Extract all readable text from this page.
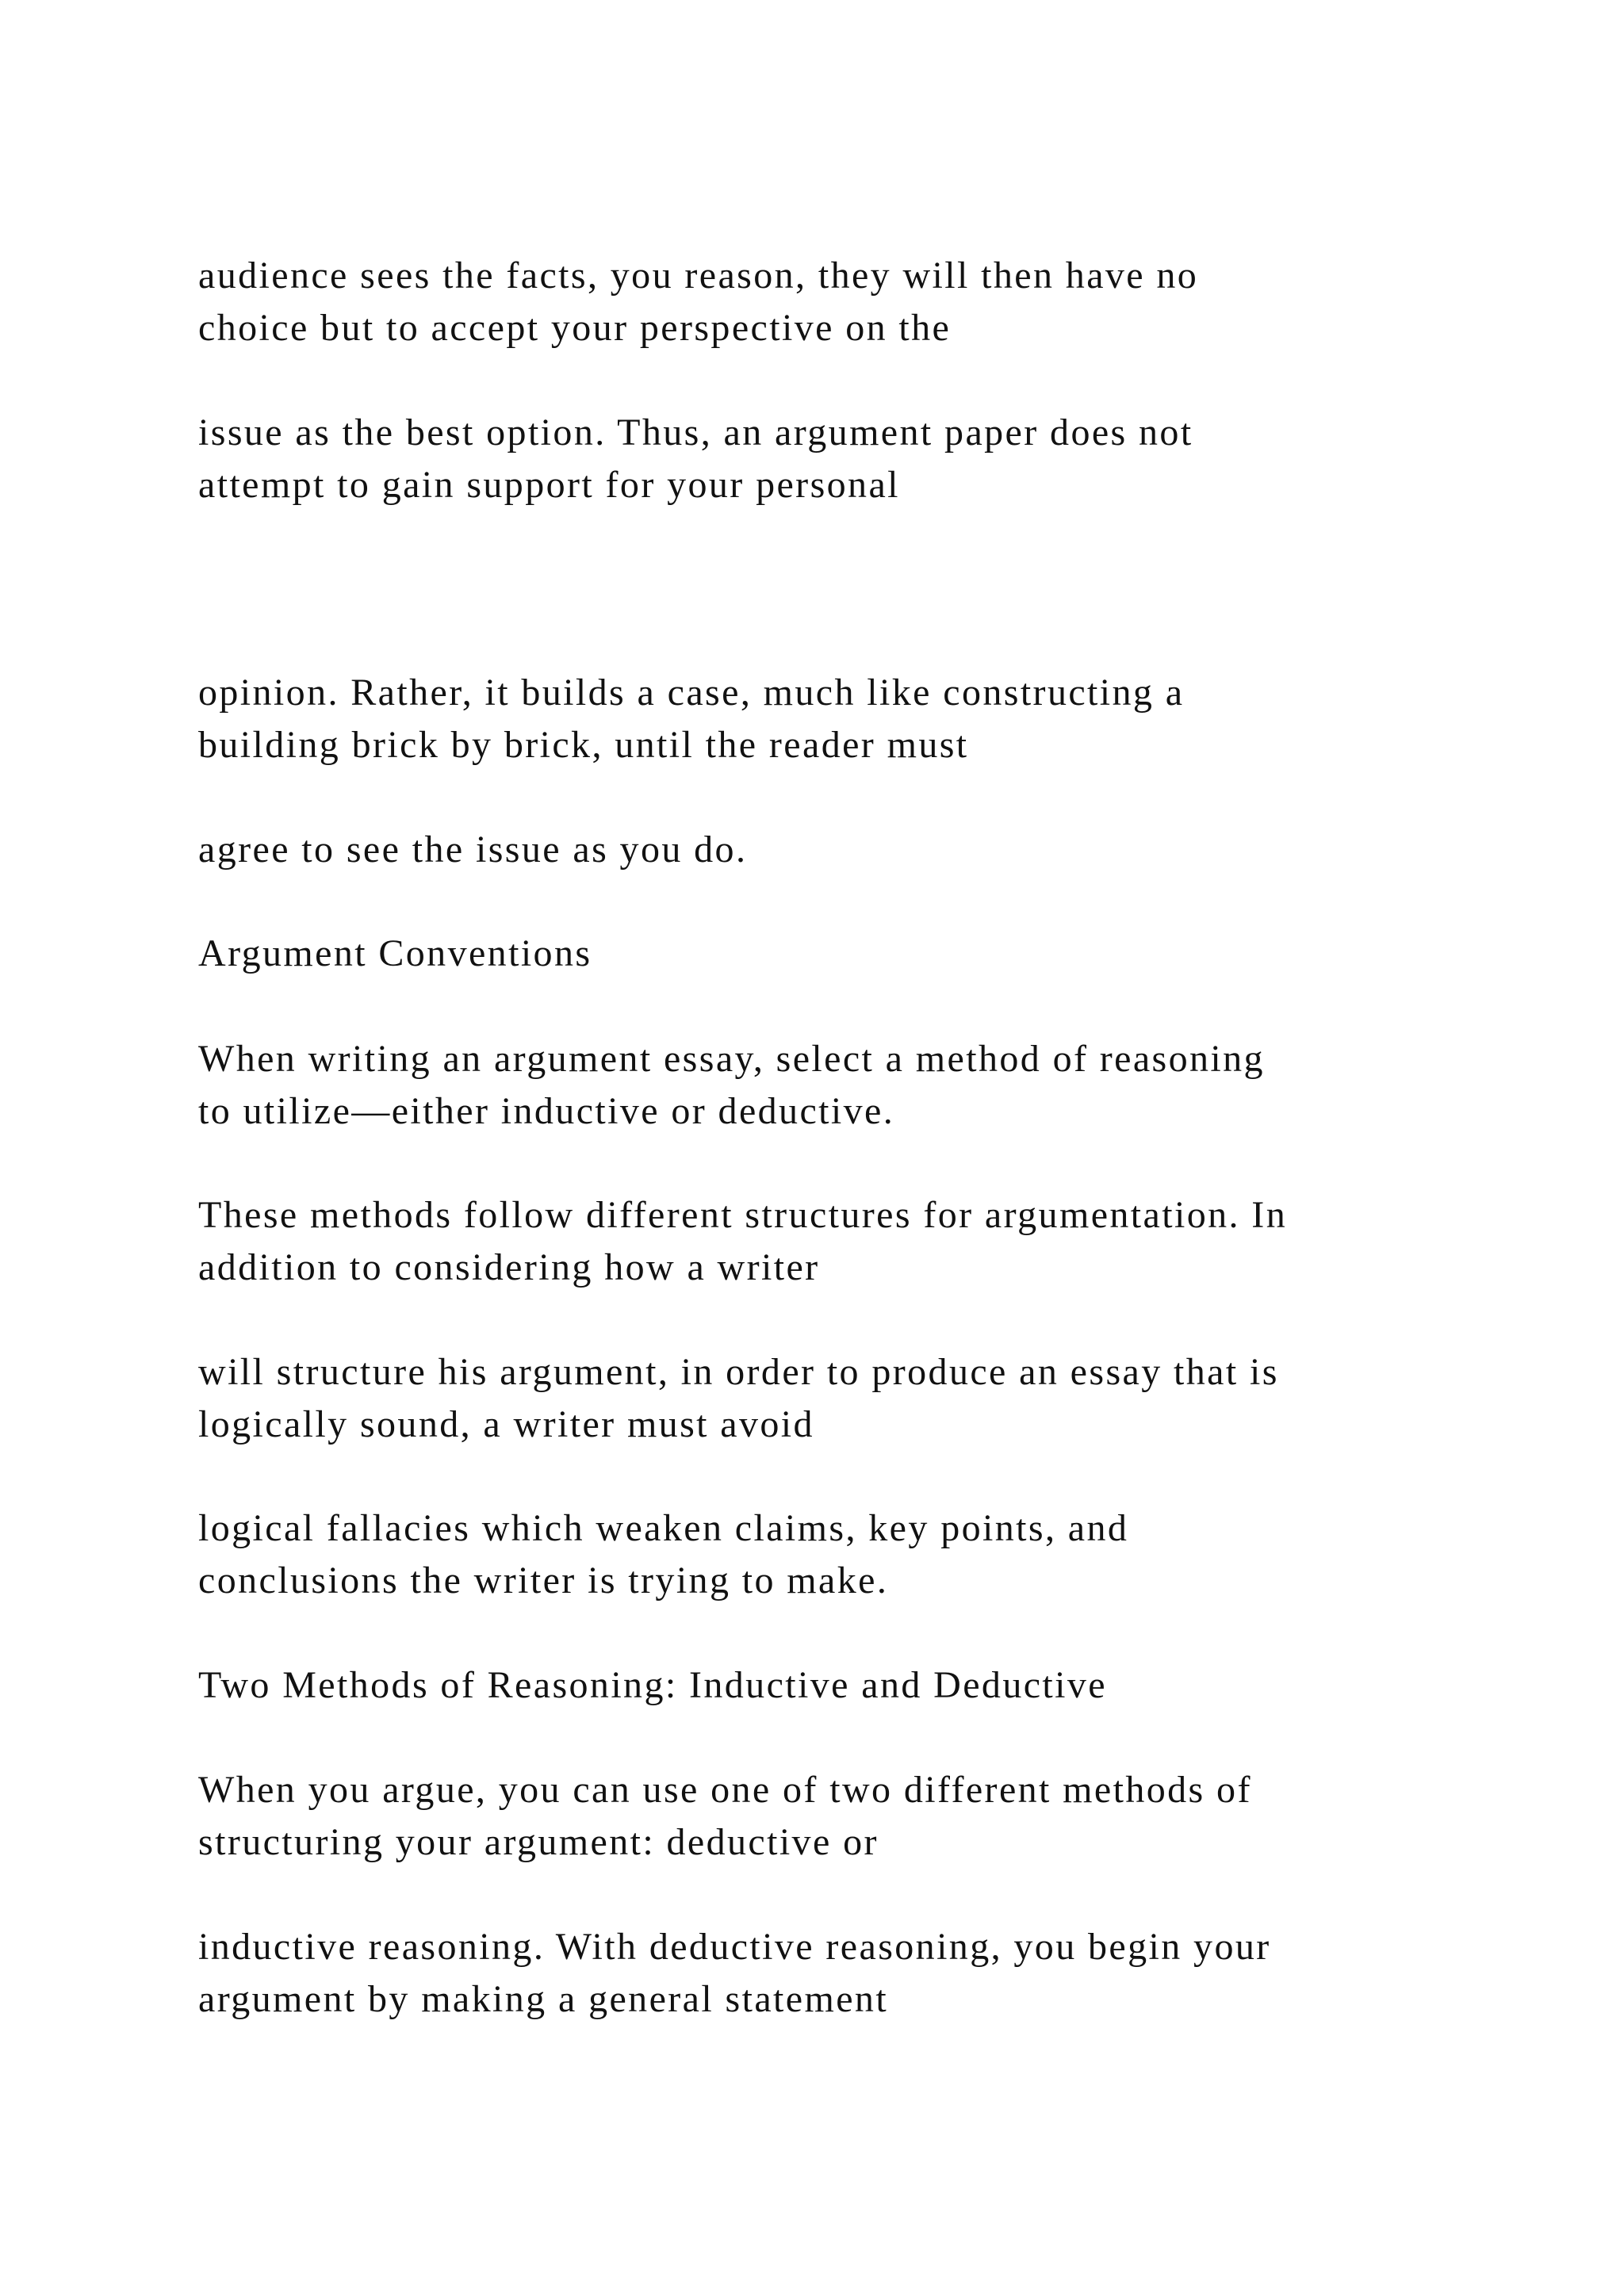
audience sees the facts, you reason, they will then have no

choice but to accept your perspective on the

issue as the best option. Thus, an argument paper does not

attempt to gain support for your personal

opinion. Rather, it builds a case, much like constructing a

building brick by brick, until the reader must

agree to see the issue as you do.

Argument Conventions

When writing an argument essay, select a method of reasoning

to utilize—either inductive or deductive.

These methods follow different structures for argumentation. In

addition to considering how a writer

will structure his argument, in order to produce an essay that is

logically sound, a writer must avoid

logical fallacies which weaken claims, key points, and

conclusions the writer is trying to make.

Two Methods of Reasoning: Inductive and Deductive

When you argue, you can use one of two different methods of

structuring your argument: deductive or

inductive reasoning. With deductive reasoning, you begin your

argument by making a general statement
